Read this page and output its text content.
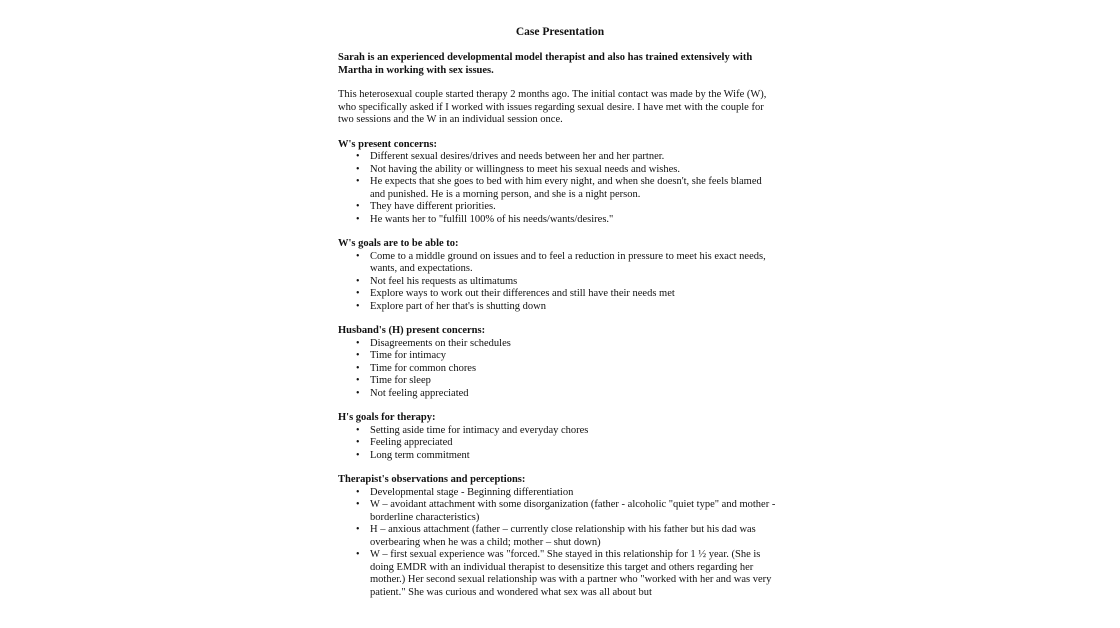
Case Presentation

Sarah is an experienced developmental model therapist and also has trained extensively with Martha in working with sex issues.

This heterosexual couple started therapy 2 months ago. The initial contact was made by the Wife (W), who specifically asked if I worked with issues regarding sexual desire. I have met with the couple for two sessions and the W in an individual session once.

W's present concerns:

• Different sexual desires/drives and needs between her and her partner.
• Not having the ability or willingness to meet his sexual needs and wishes.
• He expects that she goes to bed with him every night, and when she doesn't, she feels blamed and punished. He is a morning person, and she is a night person.
• They have different priorities.
• He wants her to "fulfill 100% of his needs/wants/desires."

W's goals are to be able to:

• Come to a middle ground on issues and to feel a reduction in pressure to meet his exact needs, wants, and expectations.
• Not feel his requests as ultimatums
• Explore ways to work out their differences and still have their needs met
• Explore part of her that's is shutting down

Husband's (H) present concerns:

• Disagreements on their schedules
• Time for intimacy
• Time for common chores
• Time for sleep
• Not feeling appreciated

H's goals for therapy:

• Setting aside time for intimacy and everyday chores
• Feeling appreciated
• Long term commitment

Therapist's observations and perceptions:

• Developmental stage - Beginning differentiation
• W – avoidant attachment with some disorganization (father - alcoholic "quiet type" and mother - borderline characteristics)
• H – anxious attachment (father – currently close relationship with his father but his dad was overbearing when he was a child; mother – shut down)
• W – first sexual experience was "forced." She stayed in this relationship for 1 ½ year. (She is doing EMDR with an individual therapist to desensitize this target and others regarding her mother.) Her second sexual relationship was with a partner who "worked with her and was very patient." She was curious and wondered what sex was all about but
